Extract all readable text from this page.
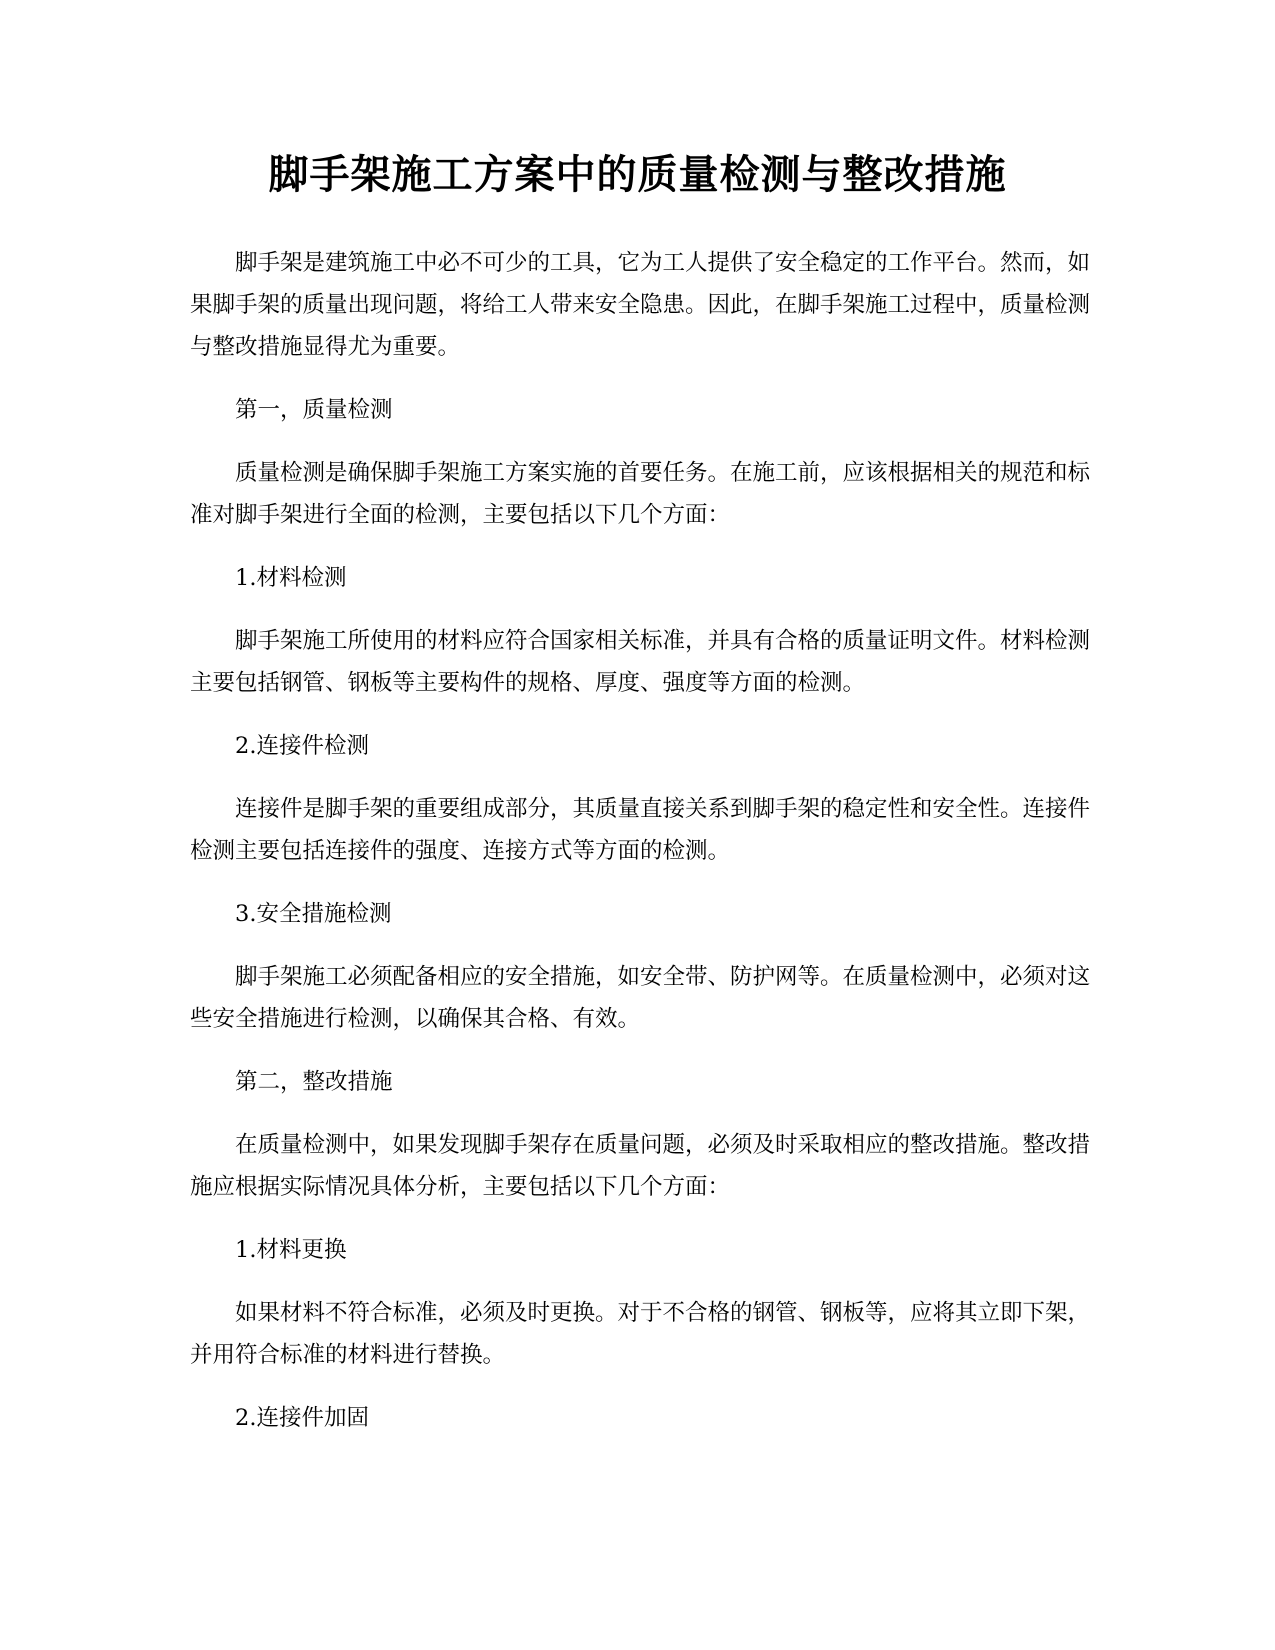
脚手架施工方案中的质量检测与整改措施

脚手架是建筑施工中必不可少的工具，它为工人提供了安全稳定的工作平台。然而，如果脚手架的质量出现问题，将给工人带来安全隐患。因此，在脚手架施工过程中，质量检测与整改措施显得尤为重要。

第一，质量检测

质量检测是确保脚手架施工方案实施的首要任务。在施工前，应该根据相关的规范和标准对脚手架进行全面的检测，主要包括以下几个方面：

1.材料检测

脚手架施工所使用的材料应符合国家相关标准，并具有合格的质量证明文件。材料检测主要包括钢管、钢板等主要构件的规格、厚度、强度等方面的检测。

2.连接件检测

连接件是脚手架的重要组成部分，其质量直接关系到脚手架的稳定性和安全性。连接件检测主要包括连接件的强度、连接方式等方面的检测。

3.安全措施检测

脚手架施工必须配备相应的安全措施，如安全带、防护网等。在质量检测中，必须对这些安全措施进行检测，以确保其合格、有效。

第二，整改措施

在质量检测中，如果发现脚手架存在质量问题，必须及时采取相应的整改措施。整改措施应根据实际情况具体分析，主要包括以下几个方面：

1.材料更换

如果材料不符合标准，必须及时更换。对于不合格的钢管、钢板等，应将其立即下架，并用符合标准的材料进行替换。

2.连接件加固
